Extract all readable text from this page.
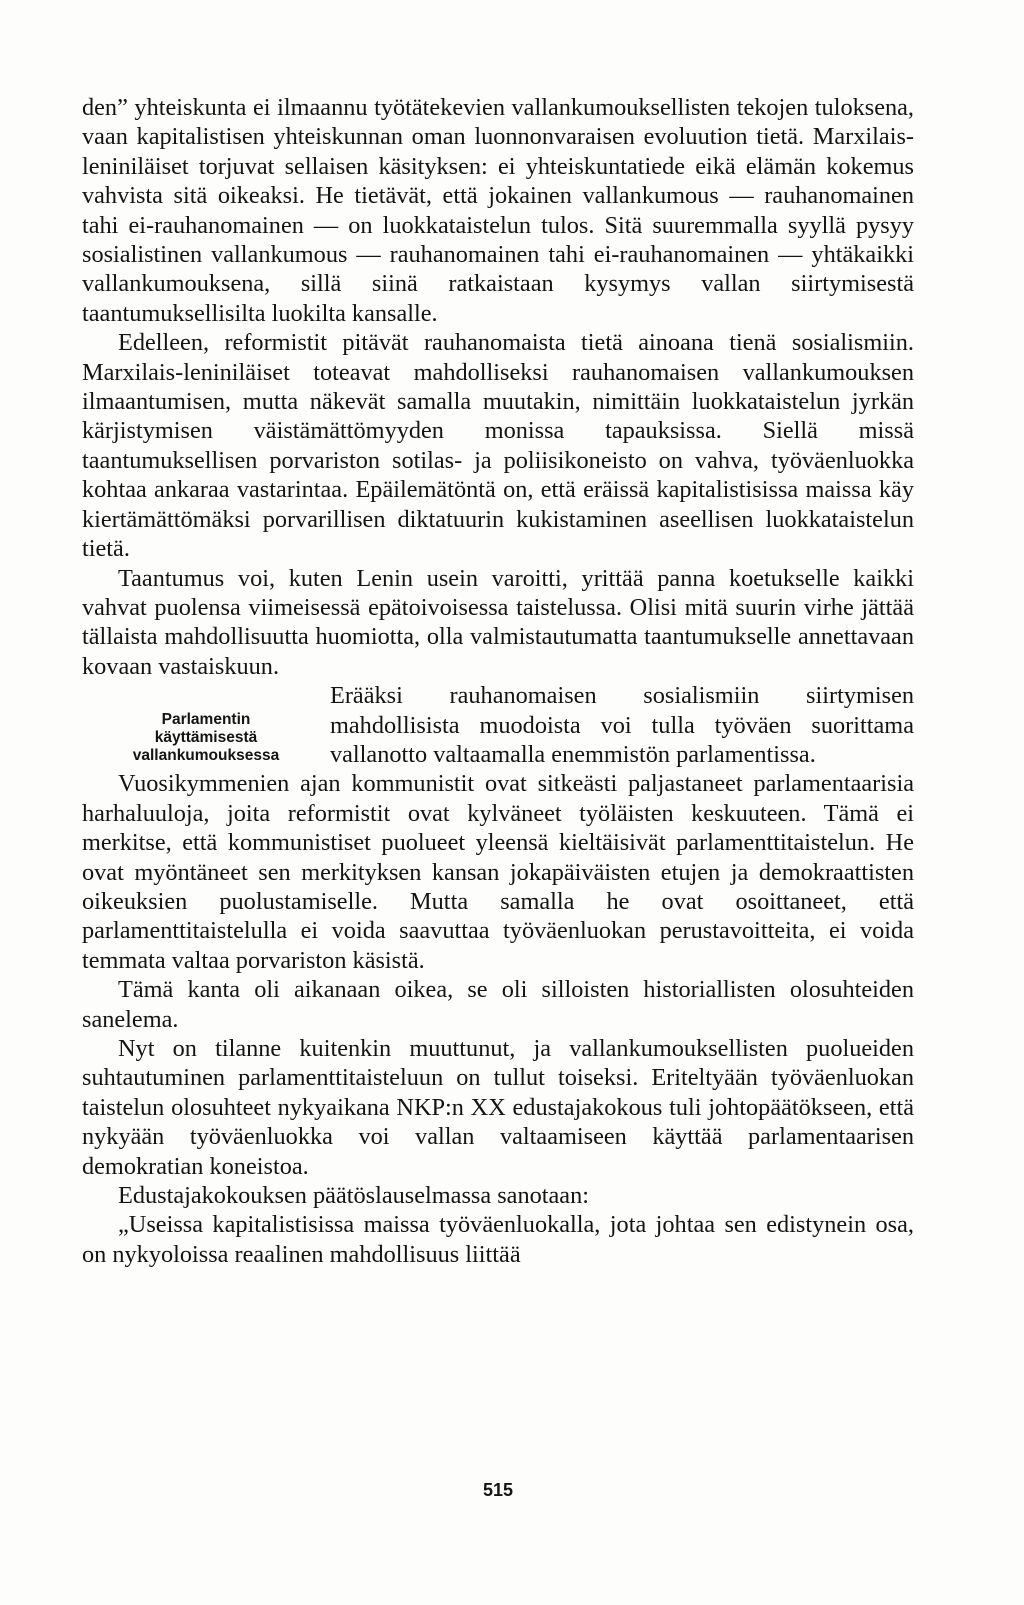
den” yhteiskunta ei ilmaannu työtätekevien vallankumouksellisten tekojen tuloksena, vaan kapitalistisen yhteiskunnan oman luonnonvaraisen evoluution tietä. Marxilais-leniniläiset torjuvat sellaisen käsityksen: ei yhteiskuntatiede eikä elämän kokemus vahvista sitä oikeaksi. He tietävät, että jokainen vallankumous — rauhanomainen tahi ei-rauhanomainen — on luokkataistelun tulos. Sitä suuremmalla syyllä pysyy sosialistinen vallankumous — rauhanomainen tahi ei-rauhanomainen — yhtäkaikki vallankumouksena, sillä siinä ratkaistaan kysymys vallan siirtymisestä taantumuksellisilta luokilta kansalle.

Edelleen, reformistit pitävät rauhanomaista tietä ainoana tienä sosialismiin. Marxilais-leniniläiset toteavat mahdolliseksi rauhanomaisen vallankumouksen ilmaantumisen, mutta näkevät samalla muutakin, nimittäin luokkataistelun jyrkän kärjistymisen väistämättömyyden monissa tapauksissa. Siellä missä taantumuksellisen porvariston sotilas- ja poliisikoneisto on vahva, työväenluokka kohtaa ankaraa vastarintaa. Epäilemätöntä on, että eräissä kapitalistisissa maissa käy kiertämättömäksi porvarillisen diktatuurin kukistaminen aseellisen luokkataistelun tietä.

Taantumus voi, kuten Lenin usein varoitti, yrittää panna koetukselle kaikki vahvat puolensa viimeisessä epätoivoisessa taistelussa. Olisi mitä suurin virhe jättää tällaista mahdollisuutta huomiotta, olla valmistautumatta taantumukselle annettavaan kovaan vastaiskuun.

Parlamentin
käyttämisestä
vallankumouksessa

Erääksi rauhanomaisen sosialismiin siirtymisen mahdollisista muodoista voi tulla työväen suorittama vallanotto valtaamalla enemmistön parlamentissa.

Vuosikymmenien ajan kommunistit ovat sitkeästi paljastaneet parlamentaarisia harhaluuloja, joita reformistit ovat kylväneet työläisten keskuuteen. Tämä ei merkitse, että kommunistiset puolueet yleensä kieltäisivät parlamenttitaistelun. He ovat myöntäneet sen merkityksen kansan jokapäiväisten etujen ja demokraattisten oikeuksien puolustamiselle. Mutta samalla he ovat osoittaneet, että parlamenttitaistelulla ei voida saavuttaa työväenluokan perustavoitteita, ei voida temmata valtaa porvariston käsistä.

Tämä kanta oli aikanaan oikea, se oli silloisten historiallisten olosuhteiden sanelema.

Nyt on tilanne kuitenkin muuttunut, ja vallankumouksellisten puolueiden suhtautuminen parlamenttitaisteluun on tullut toiseksi. Eriteltyään työväenluokan taistelun olosuhteet nykyaikana NKP:n XX edustajakokous tuli johtopäätökseen, että nykyään työväenluokka voi vallan valtaamiseen käyttää parlamentaarisen demokratian koneistoa.

Edustajakokouksen päätöslauselmassa sanotaan:

„Useissa kapitalistisissa maissa työväenluokalla, jota johtaa sen edistynein osa, on nykyoloissa reaalinen mahdollisuus liittää

515
